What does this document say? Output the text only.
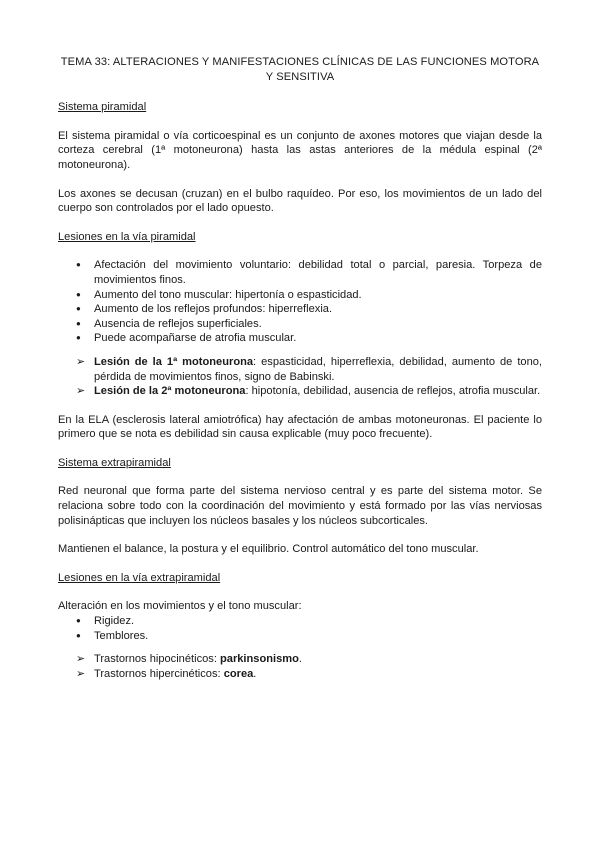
TEMA 33: ALTERACIONES Y MANIFESTACIONES CLÍNICAS DE LAS FUNCIONES MOTORA Y SENSITIVA
Sistema piramidal

El sistema piramidal o vía corticoespinal es un conjunto de axones motores que viajan desde la corteza cerebral (1ª motoneurona) hasta las astas anteriores de la médula espinal (2ª motoneurona).

Los axones se decusan (cruzan) en el bulbo raquídeo. Por eso, los movimientos de un lado del cuerpo son controlados por el lado opuesto.

Lesiones en la vía piramidal
● Afectación del movimiento voluntario: debilidad total o parcial, paresia. Torpeza de movimientos finos.
● Aumento del tono muscular: hipertonía o espasticidad.
● Aumento de los reflejos profundos: hiperreflexia.
● Ausencia de reflejos superficiales.
● Puede acompañarse de atrofia muscular.
➢ Lesión de la 1ª motoneurona: espasticidad, hiperreflexia, debilidad, aumento de tono, pérdida de movimientos finos, signo de Babinski.
➢ Lesión de la 2ª motoneurona: hipotonía, debilidad, ausencia de reflejos, atrofia muscular.

En la ELA (esclerosis lateral amiotrófica) hay afectación de ambas motoneuronas. El paciente lo primero que se nota es debilidad sin causa explicable (muy poco frecuente).

Sistema extrapiramidal

Red neuronal que forma parte del sistema nervioso central y es parte del sistema motor. Se relaciona sobre todo con la coordinación del movimiento y está formado por las vías nerviosas polisinápticas que incluyen los núcleos basales y los núcleos subcorticales.

Mantienen el balance, la postura y el equilibrio. Control automático del tono muscular.

Lesiones en la vía extrapiramidal
Alteración en los movimientos y el tono muscular:
● Rigidez.
● Temblores.
➢ Trastornos hipocinéticos: parkinsonismo.
➢ Trastornos hipercinéticos: corea.
